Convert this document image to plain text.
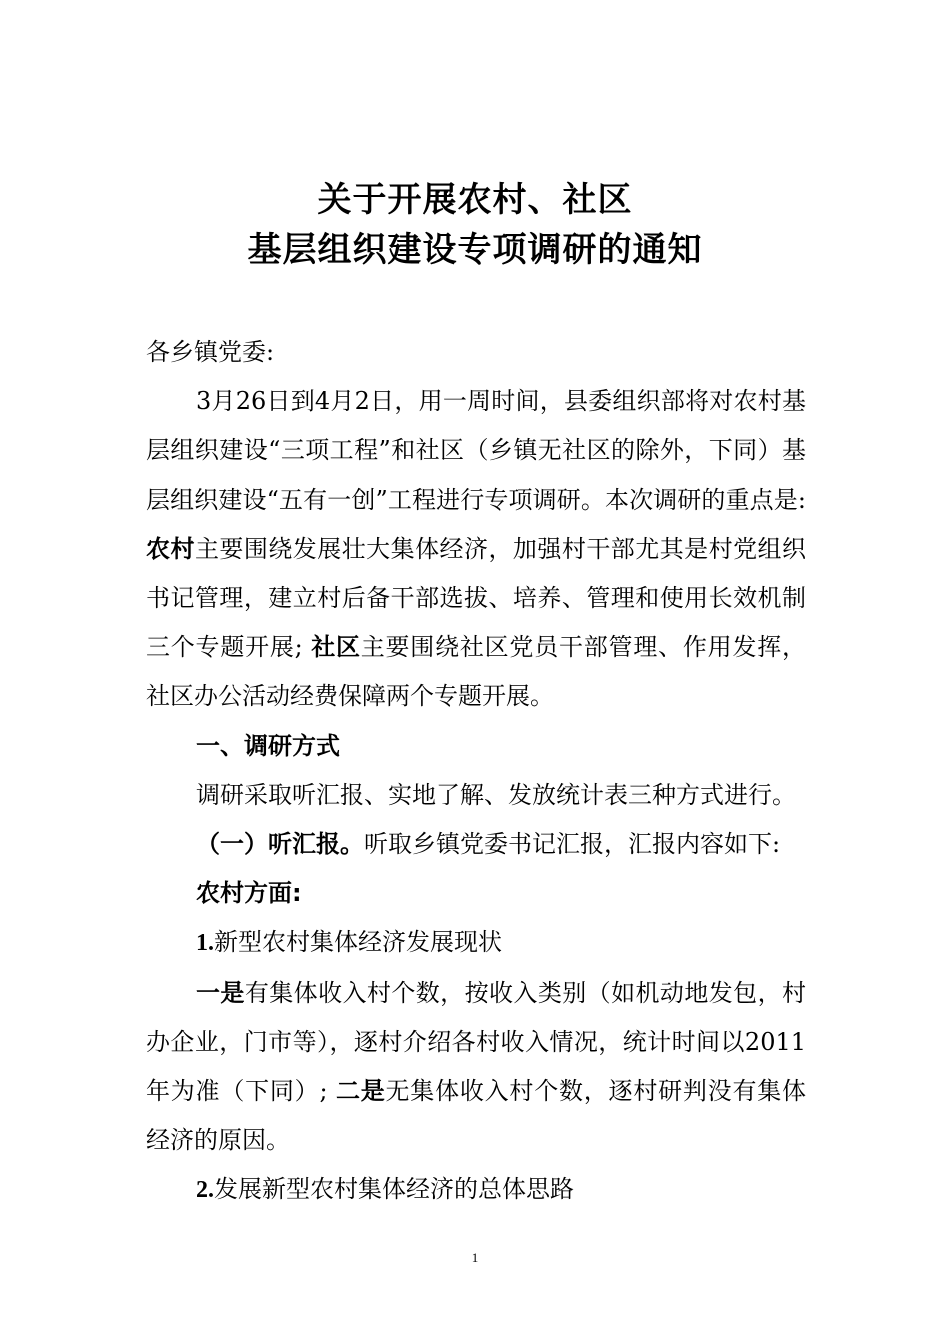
关于开展农村、社区
基层组织建设专项调研的通知

各乡镇党委:

3月26日到4月2日，用一周时间，县委组织部将对农村基层组织建设“三项工程”和社区（乡镇无社区的除外，下同）基层组织建设“五有一创”工程进行专项调研。本次调研的重点是: 农村主要围绕发展壮大集体经济，加强村干部尤其是村党组织书记管理，建立村后备干部选拔、培养、管理和使用长效机制三个专题开展; 社区主要围绕社区党员干部管理、作用发挥，社区办公活动经费保障两个专题开展。

一、调研方式

调研采取听汇报、实地了解、发放统计表三种方式进行。

（一）听汇报。听取乡镇党委书记汇报，汇报内容如下:

农村方面:

1.新型农村集体经济发展现状

一是有集体收入村个数，按收入类别（如机动地发包，村办企业，门市等），逐村介绍各村收入情况，统计时间以2011年为准（下同）; 二是无集体收入村个数，逐村研判没有集体经济的原因。

2.发展新型农村集体经济的总体思路

1
